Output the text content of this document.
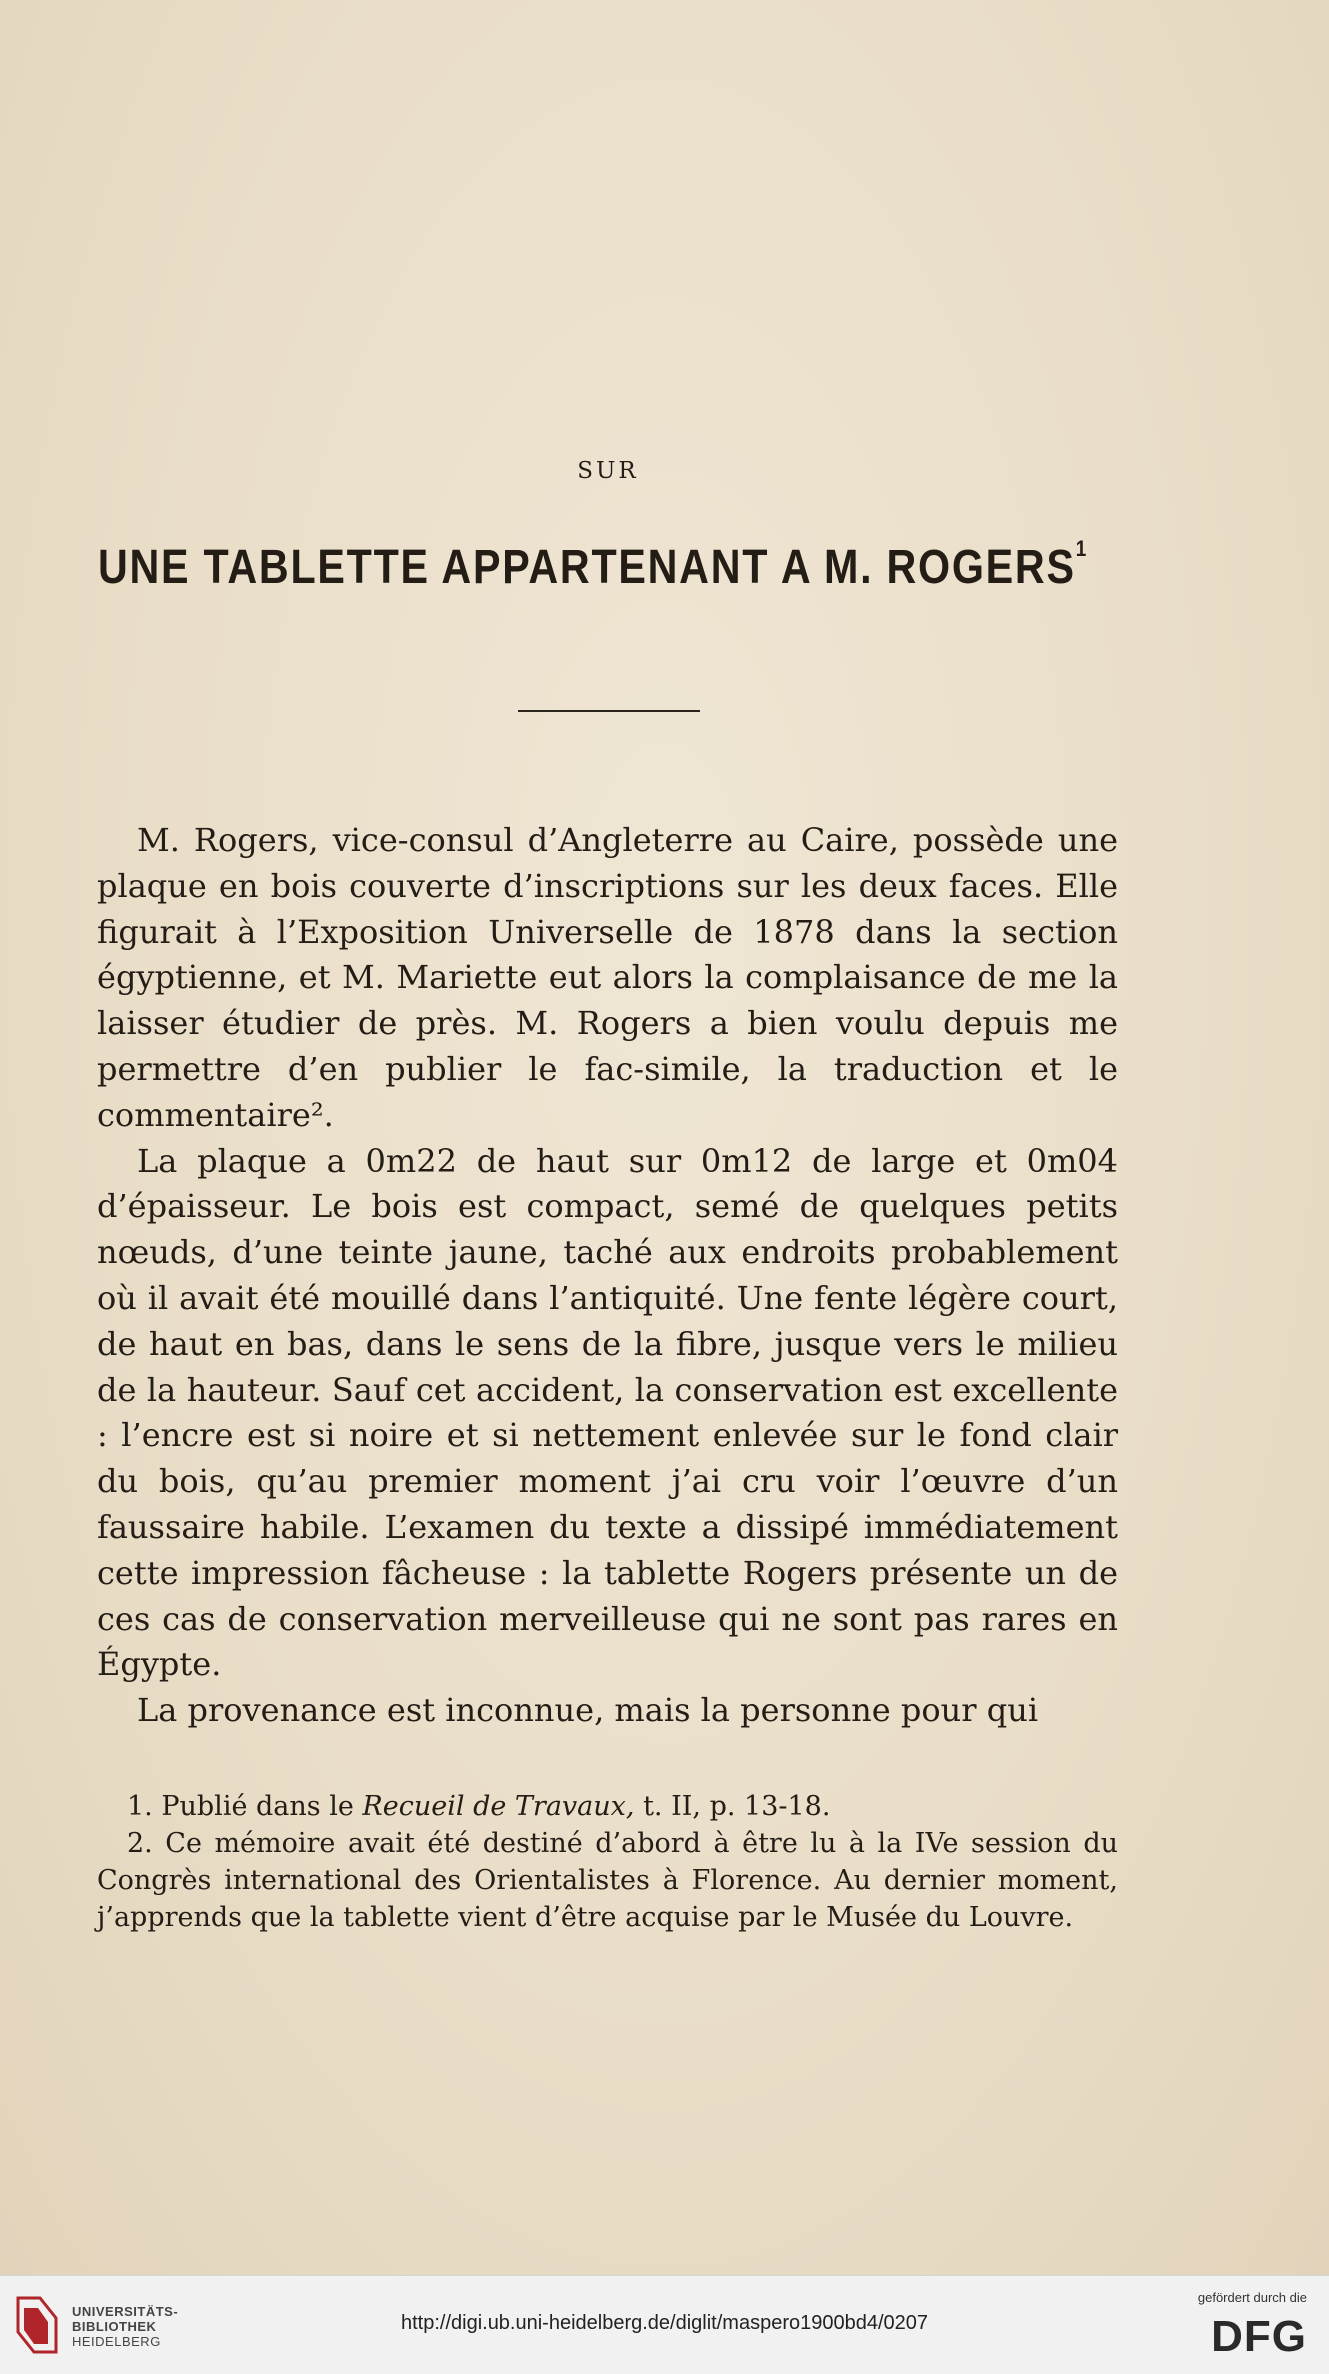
SUR
UNE TABLETTE APPARTENANT A M. ROGERS$^1$

M. Rogers, vice-consul d’Angleterre au Caire, possède une plaque en bois couverte d’inscriptions sur les deux faces. Elle figurait à l’Exposition Universelle de 1878 dans la section égyptienne, et M. Mariette eut alors la complaisance de me la laisser étudier de près. M. Rogers a bien voulu depuis me permettre d’en publier le fac-simile, la traduction et le commentaire².

La plaque a 0m22 de haut sur 0m12 de large et 0m04 d’épaisseur. Le bois est compact, semé de quelques petits nœuds, d’une teinte jaune, taché aux endroits probablement où il avait été mouillé dans l’antiquité. Une fente légère court, de haut en bas, dans le sens de la fibre, jusque vers le milieu de la hauteur. Sauf cet accident, la conservation est excellente : l’encre est si noire et si nettement enlevée sur le fond clair du bois, qu’au premier moment j’ai cru voir l’œuvre d’un faussaire habile. L’examen du texte a dissipé immédiatement cette impression fâcheuse : la tablette Rogers présente un de ces cas de conservation merveilleuse qui ne sont pas rares en Égypte.

La provenance est inconnue, mais la personne pour qui

1. Publié dans le Recueil de Travaux, t. II, p. 13-18.

2. Ce mémoire avait été destiné d’abord à être lu à la IVe session du Congrès international des Orientalistes à Florence. Au dernier moment, j’apprends que la tablette vient d’être acquise par le Musée du Louvre.

UNIVERSITÄTS-
BIBLIOTHEK
HEIDELBERG
http://digi.ub.uni-heidelberg.de/diglit/maspero1900bd4/0207
gefördert durch die
DFG
